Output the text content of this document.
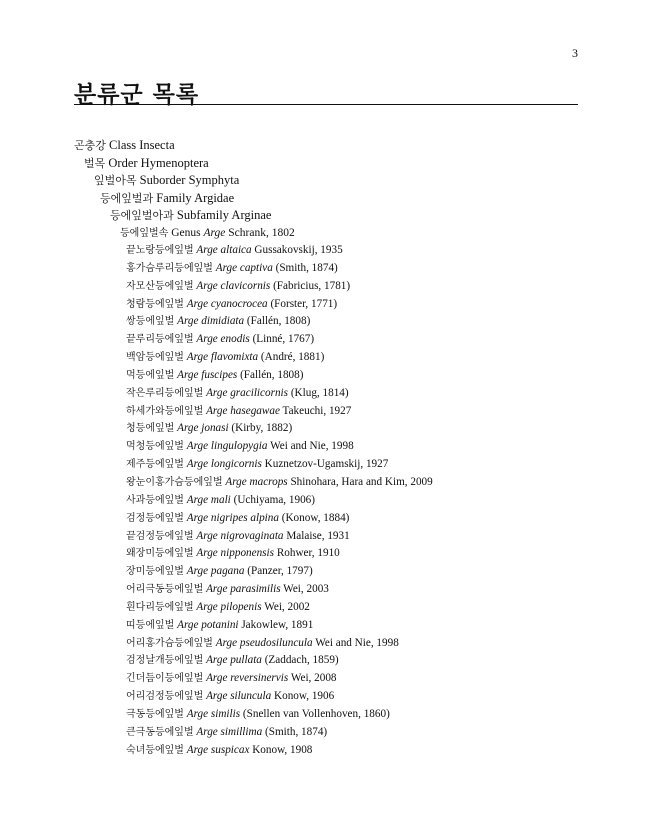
3
분류군 목록
곤충강 Class Insecta
벌목 Order Hymenoptera
잎벌아목 Suborder Symphyta
등에잎벌과 Family Argidae
등에잎벌아과 Subfamily Arginae
등에잎벌속 Genus Arge Schrank, 1802
끝노랑등에잎벌 Arge altaica Gussakovskij, 1935
홍가슴루리등에잎벌 Arge captiva (Smith, 1874)
자모산등에잎벌 Arge clavicornis (Fabricius, 1781)
청람등에잎벌 Arge cyanocrocea (Forster, 1771)
쌍등에잎벌 Arge dimidiata (Fallén, 1808)
끝루리등에잎벌 Arge enodis (Linné, 1767)
백암등에잎벌 Arge flavomixta (André, 1881)
먹등에잎벌 Arge fuscipes (Fallén, 1808)
작은루리등에잎벌 Arge gracilicornis (Klug, 1814)
하세가와등에잎벌 Arge hasegawae Takeuchi, 1927
청등에잎벌 Arge jonasi (Kirby, 1882)
먹청등에잎벌 Arge lingulopygia Wei and Nie, 1998
제주등에잎벌 Arge longicornis Kuznetzov-Ugamskij, 1927
왕눈이홍가슴등에잎벌 Arge macrops Shinohara, Hara and Kim, 2009
사과등에잎벌 Arge mali (Uchiyama, 1906)
검정등에잎벌 Arge nigripes alpina (Konow, 1884)
끝검정등에잎벌 Arge nigrovaginata Malaise, 1931
왜장미등에잎벌 Arge nipponensis Rohwer, 1910
장미등에잎벌 Arge pagana (Panzer, 1797)
어리극동등에잎벌 Arge parasimilis Wei, 2003
흰다리등에잎벌 Arge pilopenis Wei, 2002
띠등에잎벌 Arge potanini Jakowlew, 1891
어리홍가슴등에잎벌 Arge pseudosiluncula Wei and Nie, 1998
검정날개등에잎벌 Arge pullata (Zaddach, 1859)
긴더듬이등에잎벌 Arge reversinervis Wei, 2008
어리검정등에잎벌 Arge siluncula Konow, 1906
극동등에잎벌 Arge similis (Snellen van Vollenhoven, 1860)
큰극동등에잎벌 Arge simillima (Smith, 1874)
숙녀등에잎벌 Arge suspicax Konow, 1908
